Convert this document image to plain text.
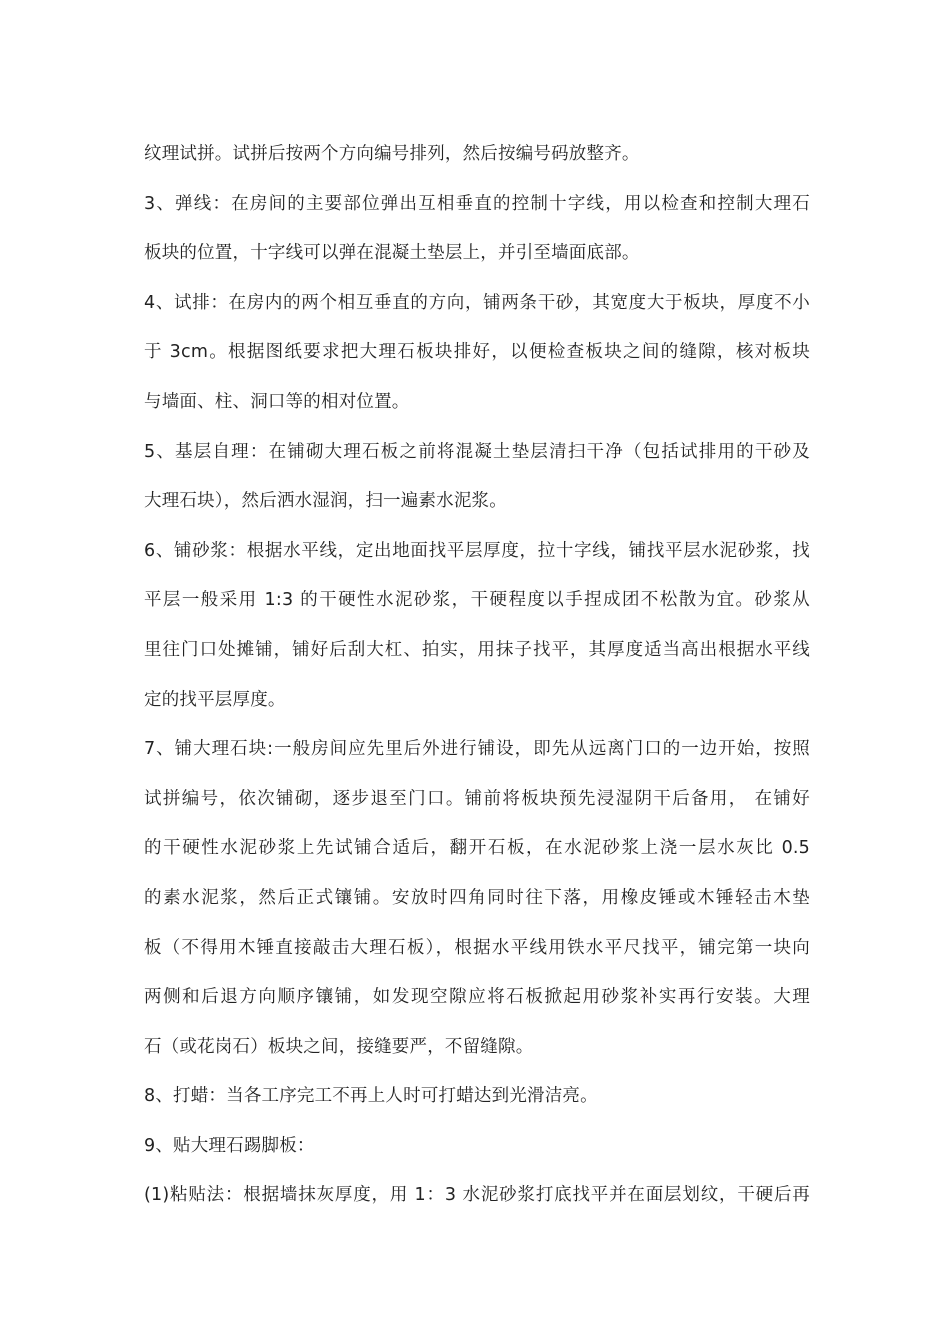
纹理试拼。试拼后按两个方向编号排列，然后按编号码放整齐。
3、弹线：在房间的主要部位弹出互相垂直的控制十字线，用以检查和控制大理石
板块的位置，十字线可以弹在混凝土垫层上，并引至墙面底部。
4、试排：在房内的两个相互垂直的方向，铺两条干砂，其宽度大于板块，厚度不小
于 3cm。根据图纸要求把大理石板块排好，以便检查板块之间的缝隙，核对板块
与墙面、柱、洞口等的相对位置。
5、基层自理：在铺砌大理石板之前将混凝土垫层清扫干净（包括试排用的干砂及
大理石块），然后洒水湿润，扫一遍素水泥浆。
6、铺砂浆：根据水平线，定出地面找平层厚度，拉十字线，铺找平层水泥砂浆，找
平层一般采用 1:3 的干硬性水泥砂浆，干硬程度以手捏成团不松散为宜。砂浆从
里往门口处摊铺，铺好后刮大杠、拍实，用抹子找平，其厚度适当高出根据水平线
定的找平层厚度。
7、铺大理石块:一般房间应先里后外进行铺设，即先从远离门口的一边开始，按照
试拼编号，依次铺砌，逐步退至门口。铺前将板块预先浸湿阴干后备用， 在铺好
的干硬性水泥砂浆上先试铺合适后，翻开石板，在水泥砂浆上浇一层水灰比 0.5
的素水泥浆，然后正式镶铺。安放时四角同时往下落，用橡皮锤或木锤轻击木垫
板（不得用木锤直接敲击大理石板），根据水平线用铁水平尺找平，铺完第一块向
两侧和后退方向顺序镶铺，如发现空隙应将石板掀起用砂浆补实再行安装。大理
石（或花岗石）板块之间，接缝要严，不留缝隙。
8、打蜡：当各工序完工不再上人时可打蜡达到光滑洁亮。
9、贴大理石踢脚板：
(1)粘贴法：根据墙抹灰厚度，用 1：3 水泥砂浆打底找平并在面层划纹，干硬后再
